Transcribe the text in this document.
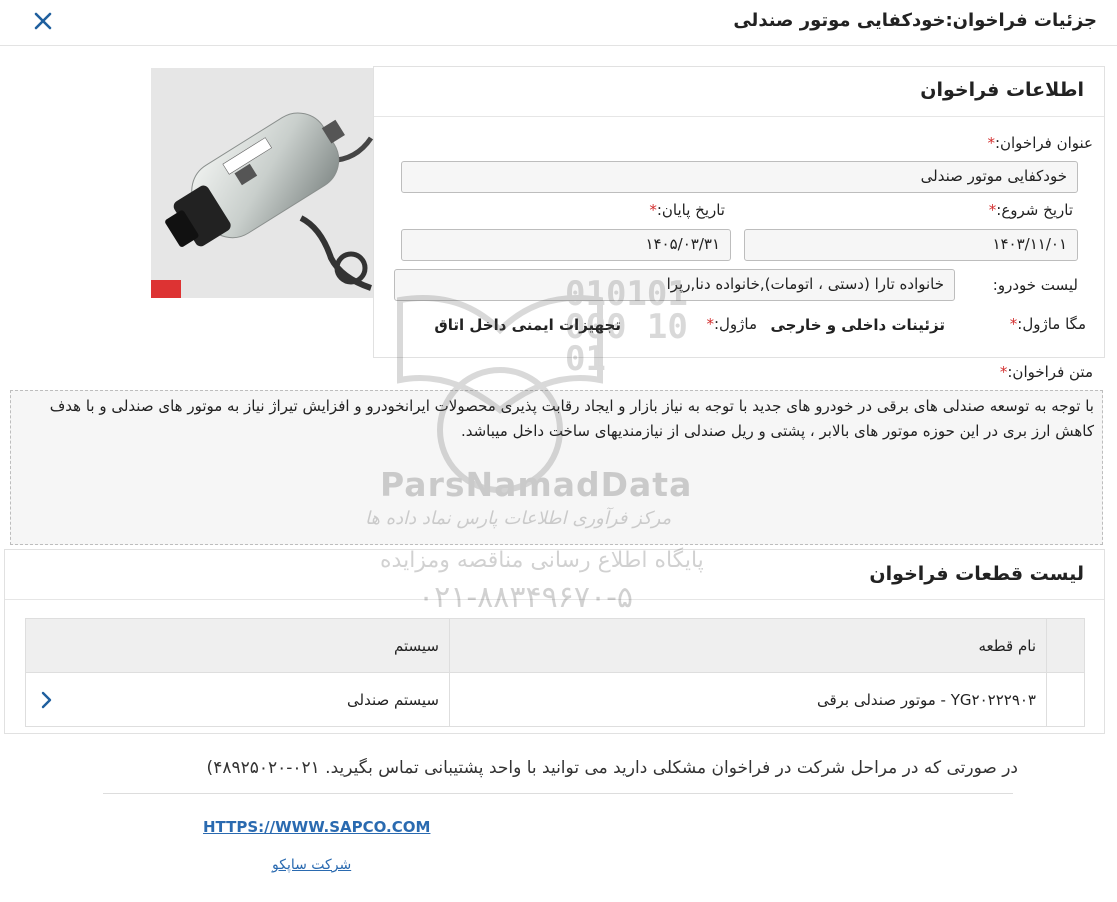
جزئیات فراخوان:خودکفایی موتور صندلی
اطلاعات فراخوان
عنوان فراخوان:*
خودکفایی موتور صندلی
تاریخ شروع:*
۱۴۰۳/۱۱/۰۱
تاریخ پایان:*
۱۴۰۵/۰۳/۳۱
لیست خودرو:
خانواده تارا (دستی ، اتومات),خانواده دنا,رپرا
مگا ماژول:*
تزئینات داخلی و خارجی
ماژول:*
تجهیزات ایمنی داخل اتاق
متن فراخوان:*
با توجه به توسعه صندلی های برقی در خودرو های جدید با توجه به نیاز بازار و ایجاد رقابت پذیری محصولات ایرانخودرو و افزایش تیراژ نیاز به موتور های صندلی و با هدف کاهش ارز بری در این حوزه موتور های بالابر ، پشتی و ریل صندلی از نیازمندیهای ساخت داخل میباشد.
لیست قطعات فراخوان
	نام قطعه	سیستم
	YG۲۰۲۲۲۹۰۳ - موتور صندلی برقی	سیستم صندلی
010101
000 10
01
ParsNamadData
مرکز فرآوری اطلاعات پارس نماد داده ها
پایگاه اطلاع رسانی مناقصه ومزایده
۰۲۱-۸۸۳۴۹۶۷۰-۵
در صورتی که در مراحل شرکت در فراخوان مشکلی دارید می توانید با واحد پشتیبانی تماس بگیرید. ۰۲۱-۴۸۹۲۵۰۲۰)
HTTPS://WWW.SAPCO.COM
شرکت ساپکو
